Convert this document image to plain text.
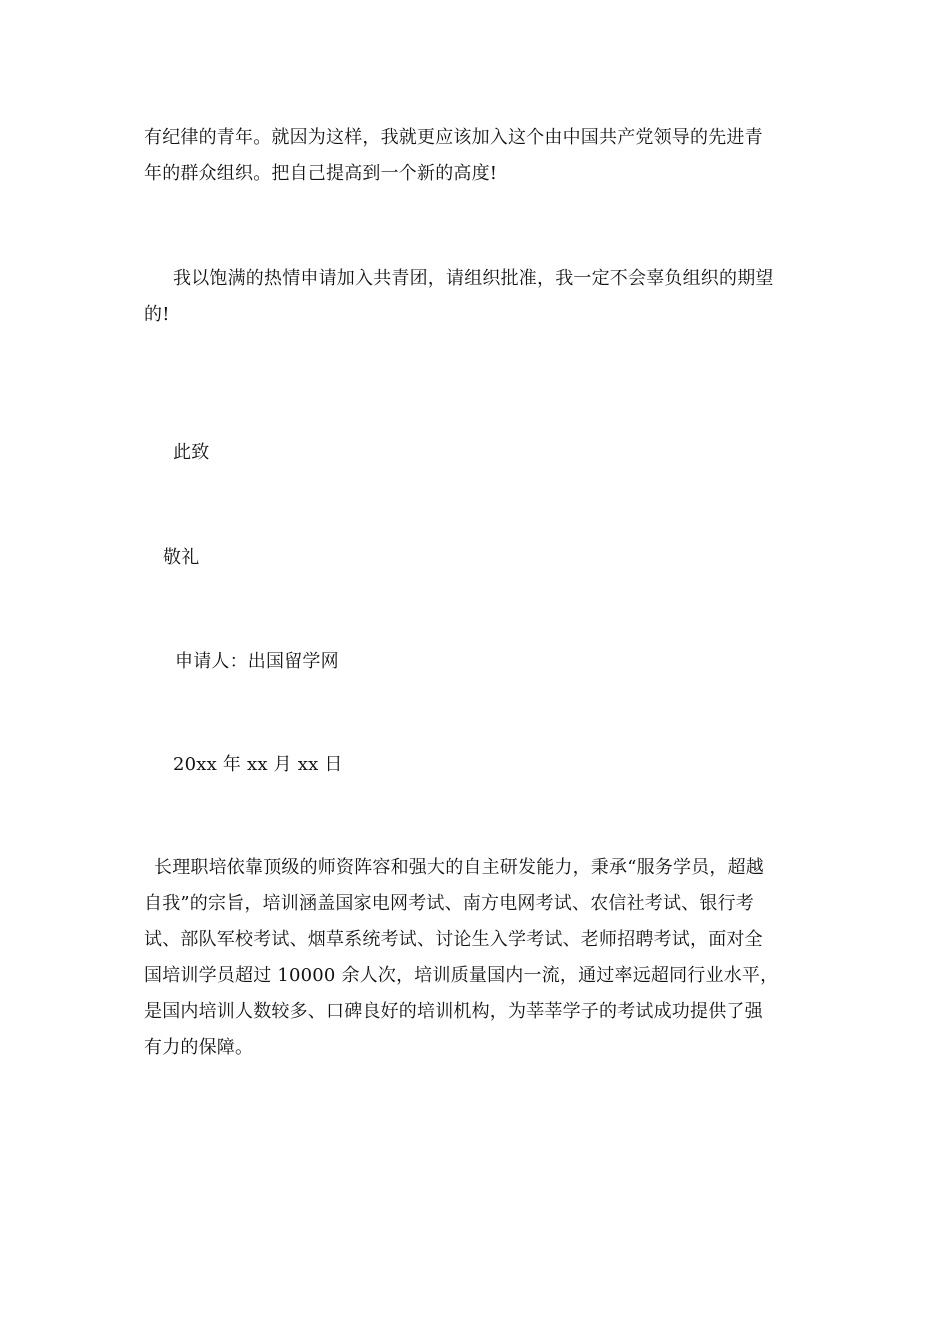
有纪律的青年。就因为这样，我就更应该加入这个由中国共产党领导的先进青
年的群众组织。把自己提高到一个新的高度!
我以饱满的热情申请加入共青团，请组织批准，我一定不会辜负组织的期望
的!
此致
敬礼
申请人：出国留学网
20xx 年 xx 月 xx 日
长理职培依靠顶级的师资阵容和强大的自主研发能力，秉承“服务学员，超越
自我”的宗旨，培训涵盖国家电网考试、南方电网考试、农信社考试、银行考
试、部队军校考试、烟草系统考试、讨论生入学考试、老师招聘考试，面对全
国培训学员超过 10000 余人次，培训质量国内一流，通过率远超同行业水平，
是国内培训人数较多、口碑良好的培训机构，为莘莘学子的考试成功提供了强
有力的保障。
